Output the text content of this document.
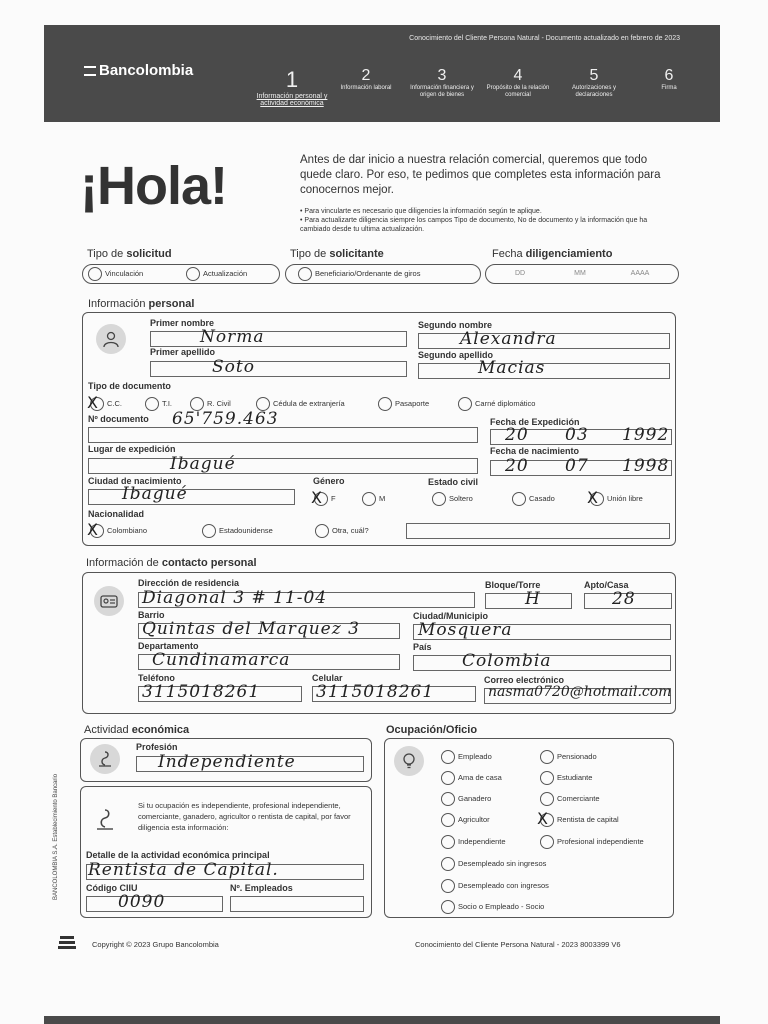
Conocimiento del Cliente Persona Natural - Documento actualizado en febrero de 2023
Bancolombia	1
Información personal y actividad económica
2
Información laboral
3
Información financiera y origen de bienes
4
Propósito de la relación comercial
5
Autorizaciones y declaraciones
6
Firma
¡Hola!	Antes de dar inicio a nuestra relación comercial, queremos que todo quede claro. Por eso, te pedimos que completes esta información para conocernos mejor.
• Para vincularte es necesario que diligencies la información según te aplique.
• Para actualizarte diligencia siempre los campos Tipo de documento, No de documento y la información que ha cambiado desde tu ultima actualización.
Tipo de solicitud
Vinculación	Actualización
Tipo de solicitante
Beneficiario/Ordenante de giros
Fecha diligenciamiento
DD	MM	AAAA
Información personal
Primer nombre
Norma
Segundo nombre
Alexandra
Primer apellido
Soto
Segundo apellido
Macias
Tipo de documento
X C.C.	T.I.	R. Civil	Cédula de extranjería	Pasaporte	Carné diplomático
Nº documento 65'759.463	Fecha de Expedición
20 03 1992
Lugar de expedición
Ibagué
Fecha de nacimiento
20 07 1998
Ciudad de nacimiento
Ibagué
Género
X F	M
Estado civil
Soltero	Casado X Unión libre
Nacionalidad
X Colombiano	Estadounidense	Otra, cuál?
Información de contacto personal
Dirección de residencia
Diagonal 3 # 11-04
Bloque/Torre
H
Apto/Casa
28
Barrio
Quintas del Marquez 3
Ciudad/Municipio
Mosquera
Departamento
Cundinamarca
País
Colombia
Teléfono
3115018261
Celular
3115018261
Correo electrónico
nasma0720@hotmail.com
Actividad económica
Profesión
Independiente
Si tu ocupación es independiente, profesional independiente, comerciante, ganadero, agricultor o rentista de capital, por favor diligencia esta información:
Detalle de la actividad económica principal
Rentista de Capital.
Código CIIU
0090
Nº. Empleados
Ocupación/Oficio
Empleado
Ama de casa
Ganadero
Agricultor
Independiente
Desempleado sin ingresos
Desempleado con ingresos
Socio o Empleado - Socio
Pensionado
Estudiante
Comerciante
X Rentista de capital
Profesional independiente
BANCOLOMBIA S.A. Establecimiento Bancario
Copyright © 2023 Grupo Bancolombia	Conocimiento del Cliente Persona Natural - 2023 8003399 V6
